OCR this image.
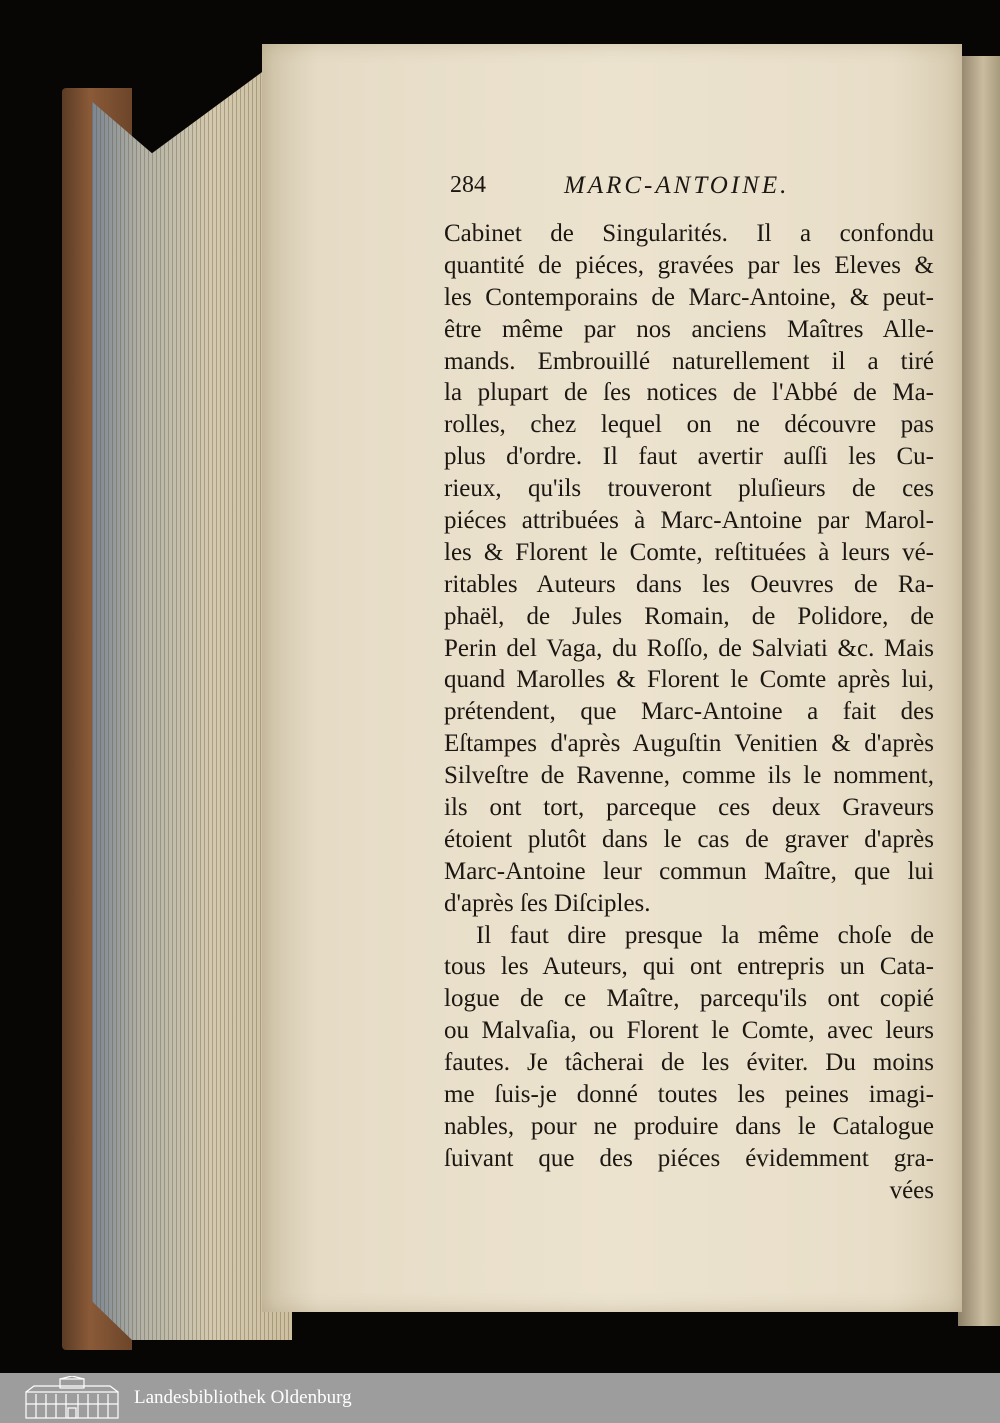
284	MARC-ANTOINE.
Cabinet de Singularités. Il a confondu
quantité de piéces, gravées par les Eleves &
les Contemporains de Marc-Antoine, & peut-
être même par nos anciens Maîtres Alle-
mands. Embrouillé naturellement il a tiré
la plupart de ſes notices de l'Abbé de Ma-
rolles, chez lequel on ne découvre pas
plus d'ordre. Il faut avertir auſſi les Cu-
rieux, qu'ils trouveront pluſieurs de ces
piéces attribuées à Marc-Antoine par Marol-
les & Florent le Comte, reſtituées à leurs vé-
ritables Auteurs dans les Oeuvres de Ra-
phaël, de Jules Romain, de Polidore, de
Perin del Vaga, du Roſſo, de Salviati &c. Mais
quand Marolles & Florent le Comte après lui,
prétendent, que Marc-Antoine a fait des
Eſtampes d'après Auguſtin Venitien & d'après
Silveſtre de Ravenne, comme ils le nomment,
ils ont tort, parceque ces deux Graveurs
étoient plutôt dans le cas de graver d'après
Marc-Antoine leur commun Maître, que lui
d'après ſes Diſciples.
Il faut dire presque la même choſe de
tous les Auteurs, qui ont entrepris un Cata-
logue de ce Maître, parcequ'ils ont copié
ou Malvaſia, ou Florent le Comte, avec leurs
fautes. Je tâcherai de les éviter. Du moins
me ſuis-je donné toutes les peines imagi-
nables, pour ne produire dans le Catalogue
ſuivant que des piéces évidemment gra-
vées
Landesbibliothek Oldenburg
